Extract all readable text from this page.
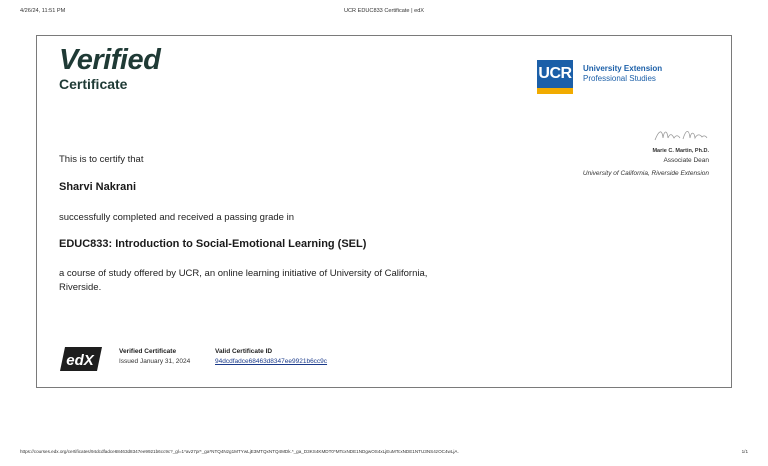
4/26/24, 11:51 PM	UCR EDUC833 Certificate | edX
Verified
Certificate
UCR University Extension
Professional Studies
Marie C. Martin, Ph.D.
Associate Dean
University of California, Riverside Extension
This is to certify that
Sharvi Nakrani
successfully completed and received a passing grade in
EDUC833: Introduction to Social-Emotional Learning (SEL)
a course of study offered by UCR, an online learning initiative of University of California, Riverside.
edX
Verified Certificate
Issued January 31, 2024
Valid Certificate ID
94dcdfadce68463d8347ee9921b6cc9c
https://courses.edx.org/certificates/94dcdfadce68463d8347ee9921b6cc9c?_gl=1*av27pr*_ga*NTQ4Nzg1MTYwLjE3MTQxNTQ4MDk.*_ga_D3KS4KMDT0*MTcxNDE1NDgwOS4xLjEuMTcxNDE1NTU3NS4zOC4wLjA.	1/1
